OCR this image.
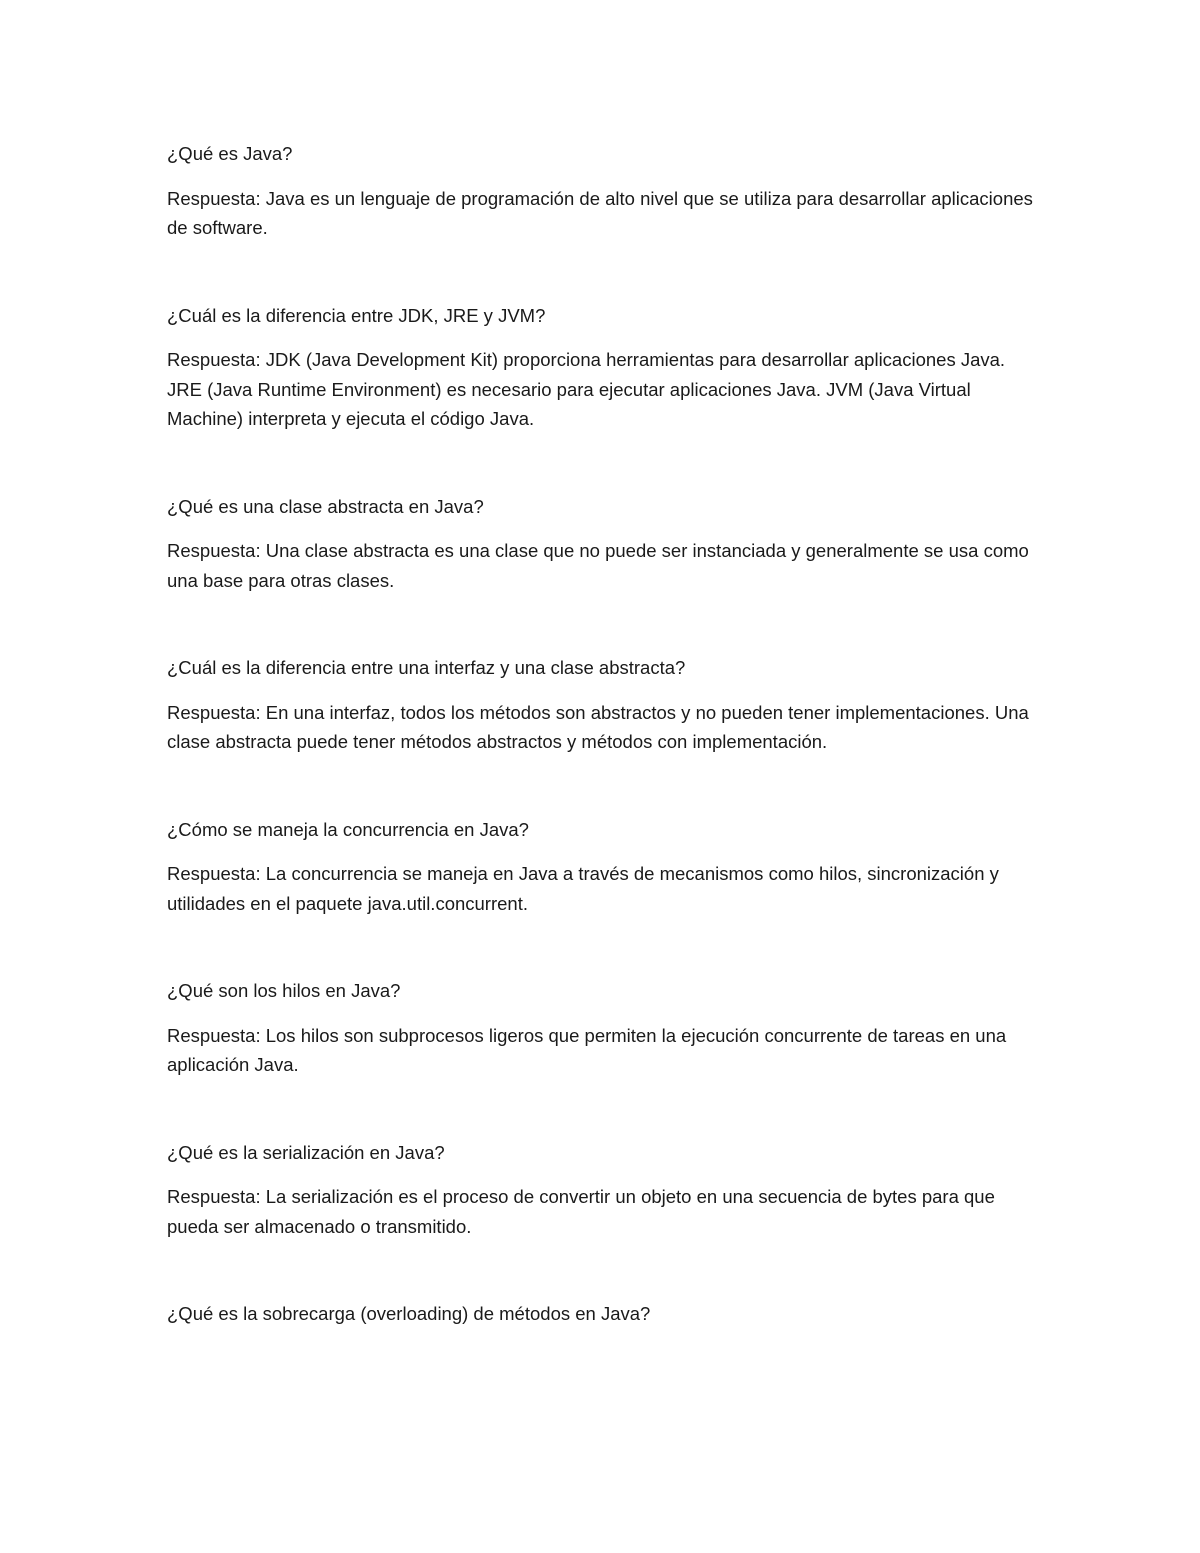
¿Qué es Java?

Respuesta: Java es un lenguaje de programación de alto nivel que se utiliza para desarrollar aplicaciones de software.

¿Cuál es la diferencia entre JDK, JRE y JVM?

Respuesta: JDK (Java Development Kit) proporciona herramientas para desarrollar aplicaciones Java. JRE (Java Runtime Environment) es necesario para ejecutar aplicaciones Java. JVM (Java Virtual Machine) interpreta y ejecuta el código Java.

¿Qué es una clase abstracta en Java?

Respuesta: Una clase abstracta es una clase que no puede ser instanciada y generalmente se usa como una base para otras clases.

¿Cuál es la diferencia entre una interfaz y una clase abstracta?

Respuesta: En una interfaz, todos los métodos son abstractos y no pueden tener implementaciones. Una clase abstracta puede tener métodos abstractos y métodos con implementación.

¿Cómo se maneja la concurrencia en Java?

Respuesta: La concurrencia se maneja en Java a través de mecanismos como hilos, sincronización y utilidades en el paquete java.util.concurrent.

¿Qué son los hilos en Java?

Respuesta: Los hilos son subprocesos ligeros que permiten la ejecución concurrente de tareas en una aplicación Java.

¿Qué es la serialización en Java?

Respuesta: La serialización es el proceso de convertir un objeto en una secuencia de bytes para que pueda ser almacenado o transmitido.

¿Qué es la sobrecarga (overloading) de métodos en Java?
